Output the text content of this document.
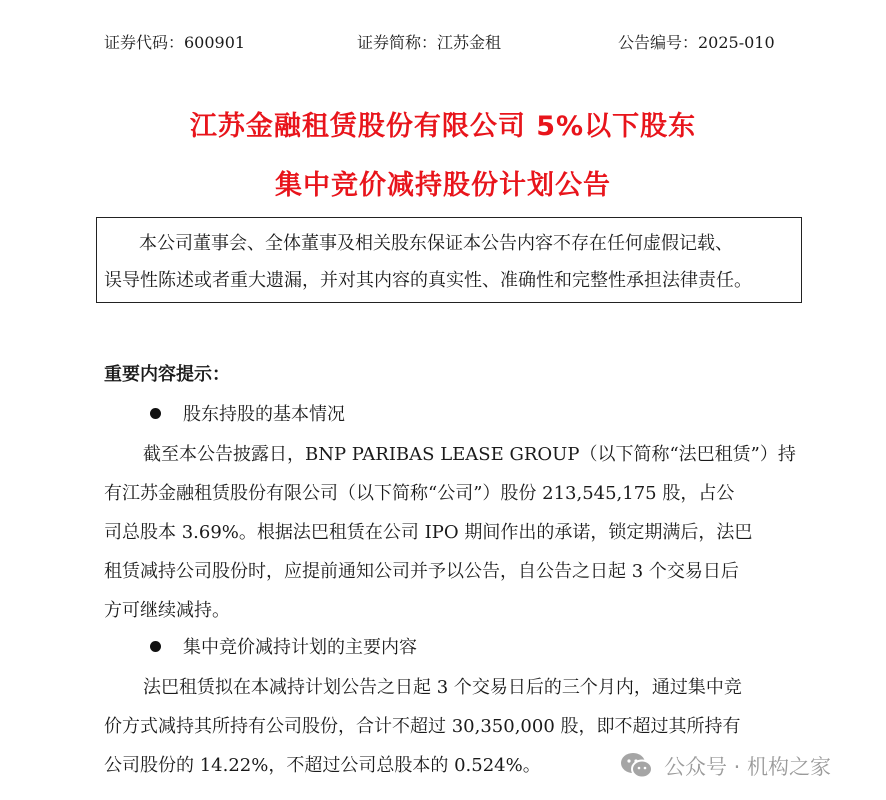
证券代码：600901	证券简称：江苏金租	公告编号：2025-010
江苏金融租赁股份有限公司 5%以下股东
集中竞价减持股份计划公告
本公司董事会、全体董事及相关股东保证本公告内容不存在任何虚假记载、
误导性陈述或者重大遗漏，并对其内容的真实性、准确性和完整性承担法律责任。
重要内容提示：
股东持股的基本情况
截至本公告披露日，BNP PARIBAS LEASE GROUP（以下简称“法巴租赁”）持
有江苏金融租赁股份有限公司（以下简称“公司”）股份 213,545,175 股，占公
司总股本 3.69%。根据法巴租赁在公司 IPO 期间作出的承诺，锁定期满后，法巴
租赁减持公司股份时，应提前通知公司并予以公告，自公告之日起 3 个交易日后
方可继续减持。
集中竞价减持计划的主要内容
法巴租赁拟在本减持计划公告之日起 3 个交易日后的三个月内，通过集中竞
价方式减持其所持有公司股份，合计不超过 30,350,000 股，即不超过其所持有
公司股份的 14.22%，不超过公司总股本的 0.524%。	公众号 · 机构之家
